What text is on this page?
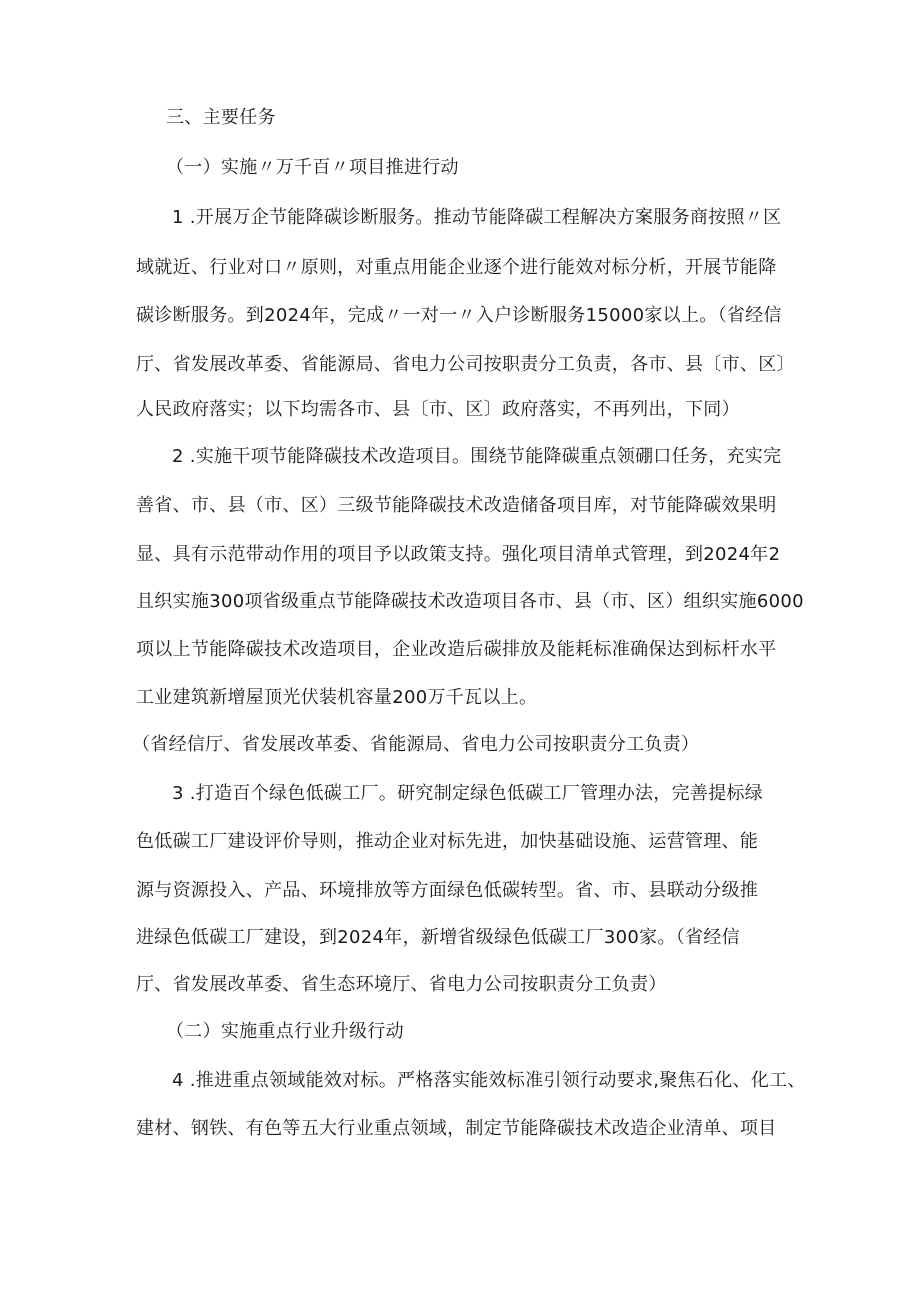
三、主要任务
（一）实施〃万千百〃项目推进行动
1 .开展万企节能降碳诊断服务。推动节能降碳工程解决方案服务商按照〃区
域就近、行业对口〃原则，对重点用能企业逐个进行能效对标分析，开展节能降
碳诊断服务。到2024年，完成〃一对一〃入户诊断服务15000家以上。（省经信
厅、省发展改革委、省能源局、省电力公司按职责分工负责，各市、县〔市、区〕
人民政府落实；以下均需各市、县〔市、区〕政府落实，不再列出，下同）
2 .实施干项节能降碳技术改造项目。围绕节能降碳重点领硼口任务，充实完
善省、市、县（市、区）三级节能降碳技术改造储备项目库，对节能降碳效果明
显、具有示范带动作用的项目予以政策支持。强化项目清单式管理，到2024年2
且织实施300项省级重点节能降碳技术改造项目各市、县（市、区）组织实施6000
项以上节能降碳技术改造项目，企业改造后碳排放及能耗标准确保达到标杆水平
工业建筑新增屋顶光伏装机容量200万千瓦以上。
（省经信厅、省发展改革委、省能源局、省电力公司按职责分工负责）
3 .打造百个绿色低碳工厂。研究制定绿色低碳工厂管理办法，完善提标绿
色低碳工厂建设评价导则，推动企业对标先进，加快基础设施、运营管理、能
源与资源投入、产品、环境排放等方面绿色低碳转型。省、市、县联动分级推
进绿色低碳工厂建设，到2024年，新增省级绿色低碳工厂300家。（省经信
厅、省发展改革委、省生态环境厅、省电力公司按职责分工负责）
（二）实施重点行业升级行动
4 .推进重点领域能效对标。严格落实能效标准引领行动要求,聚焦石化、化工、
建材、钢铁、有色等五大行业重点领域，制定节能降碳技术改造企业清单、项目
